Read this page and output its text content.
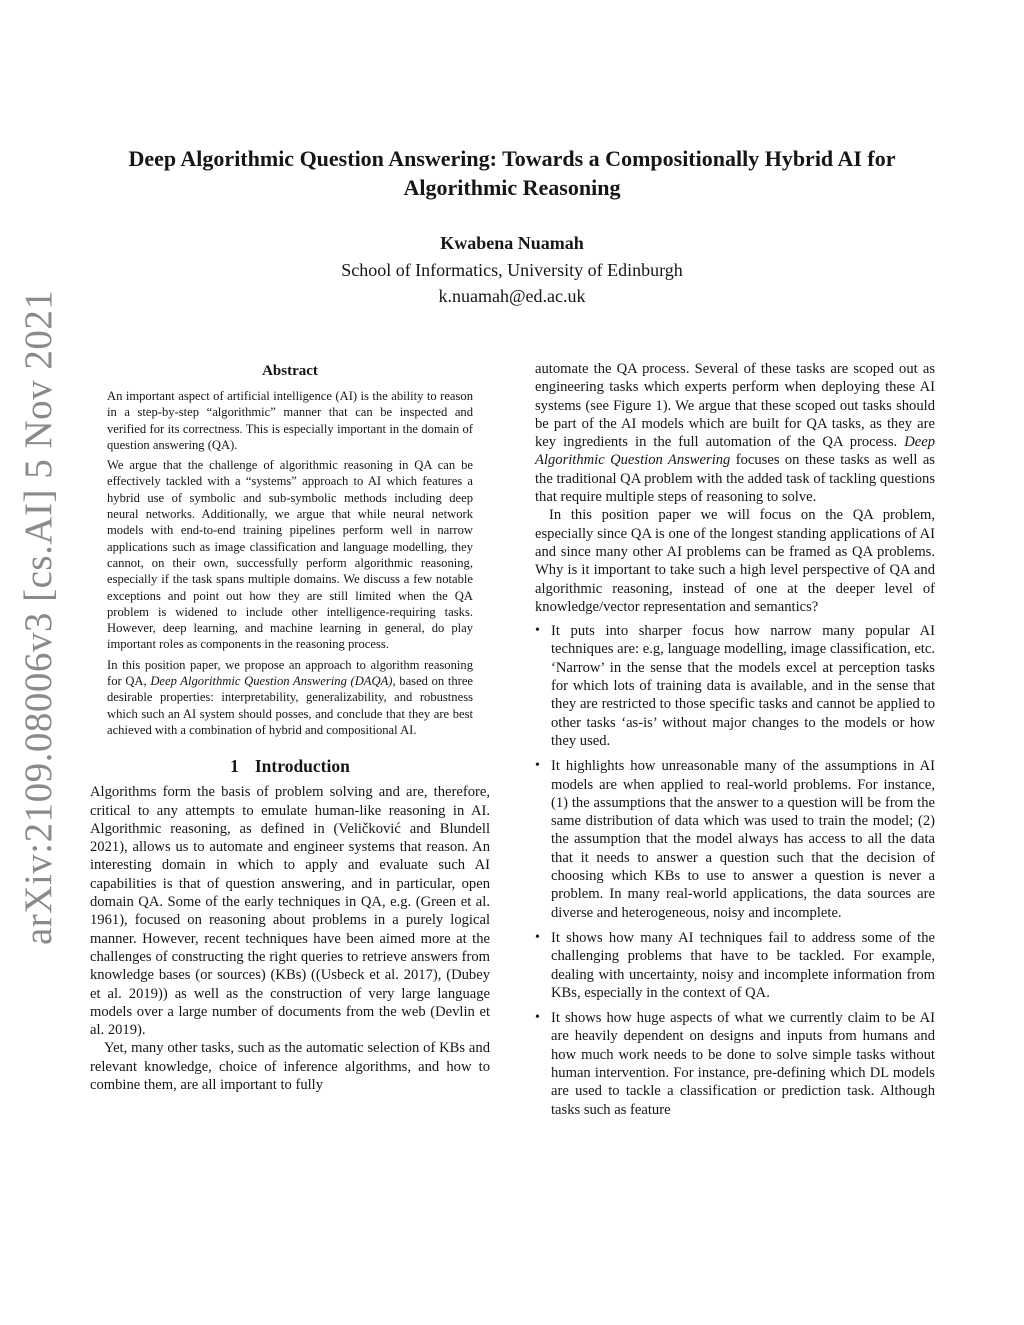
Deep Algorithmic Question Answering: Towards a Compositionally Hybrid AI for
Algorithmic Reasoning
Kwabena Nuamah
School of Informatics, University of Edinburgh
k.nuamah@ed.ac.uk
arXiv:2109.08006v3 [cs.AI] 5 Nov 2021	Abstract

An important aspect of artificial intelligence (AI) is the ability to reason in a step-by-step “algorithmic” manner that can be inspected and verified for its correctness. This is especially important in the domain of question answering (QA).

We argue that the challenge of algorithmic reasoning in QA can be effectively tackled with a “systems” approach to AI which features a hybrid use of symbolic and sub-symbolic methods including deep neural networks. Additionally, we argue that while neural network models with end-to-end training pipelines perform well in narrow applications such as image classification and language modelling, they cannot, on their own, successfully perform algorithmic reasoning, especially if the task spans multiple domains. We discuss a few notable exceptions and point out how they are still limited when the QA problem is widened to include other intelligence-requiring tasks. However, deep learning, and machine learning in general, do play important roles as components in the reasoning process.

In this position paper, we propose an approach to algorithm reasoning for QA, Deep Algorithmic Question Answering (DAQA), based on three desirable properties: interpretability, generalizability, and robustness which such an AI system should posses, and conclude that they are best achieved with a combination of hybrid and compositional AI.

1 Introduction

Algorithms form the basis of problem solving and are, therefore, critical to any attempts to emulate human-like reasoning in AI. Algorithmic reasoning, as defined in (Veličković and Blundell 2021), allows us to automate and engineer systems that reason. An interesting domain in which to apply and evaluate such AI capabilities is that of question answering, and in particular, open domain QA. Some of the early techniques in QA, e.g. (Green et al. 1961), focused on reasoning about problems in a purely logical manner. However, recent techniques have been aimed more at the challenges of constructing the right queries to retrieve answers from knowledge bases (or sources) (KBs) ((Usbeck et al. 2017), (Dubey et al. 2019)) as well as the construction of very large language models over a large number of documents from the web (Devlin et al. 2019).

Yet, many other tasks, such as the automatic selection of KBs and relevant knowledge, choice of inference algorithms, and how to combine them, are all important to fully

automate the QA process. Several of these tasks are scoped out as engineering tasks which experts perform when deploying these AI systems (see Figure 1). We argue that these scoped out tasks should be part of the AI models which are built for QA tasks, as they are key ingredients in the full automation of the QA process. Deep Algorithmic Question Answering focuses on these tasks as well as the traditional QA problem with the added task of tackling questions that require multiple steps of reasoning to solve.

In this position paper we will focus on the QA problem, especially since QA is one of the longest standing applications of AI and since many other AI problems can be framed as QA problems. Why is it important to take such a high level perspective of QA and algorithmic reasoning, instead of one at the deeper level of knowledge/vector representation and semantics?

• It puts into sharper focus how narrow many popular AI techniques are: e.g, language modelling, image classification, etc. ‘Narrow’ in the sense that the models excel at perception tasks for which lots of training data is available, and in the sense that they are restricted to those specific tasks and cannot be applied to other tasks ‘as-is’ without major changes to the models or how they used.
• It highlights how unreasonable many of the assumptions in AI models are when applied to real-world problems. For instance, (1) the assumptions that the answer to a question will be from the same distribution of data which was used to train the model; (2) the assumption that the model always has access to all the data that it needs to answer a question such that the decision of choosing which KBs to use to answer a question is never a problem. In many real-world applications, the data sources are diverse and heterogeneous, noisy and incomplete.
• It shows how many AI techniques fail to address some of the challenging problems that have to be tackled. For example, dealing with uncertainty, noisy and incomplete information from KBs, especially in the context of QA.
• It shows how huge aspects of what we currently claim to be AI are heavily dependent on designs and inputs from humans and how much work needs to be done to solve simple tasks without human intervention. For instance, pre-defining which DL models are used to tackle a classification or prediction task. Although tasks such as feature
